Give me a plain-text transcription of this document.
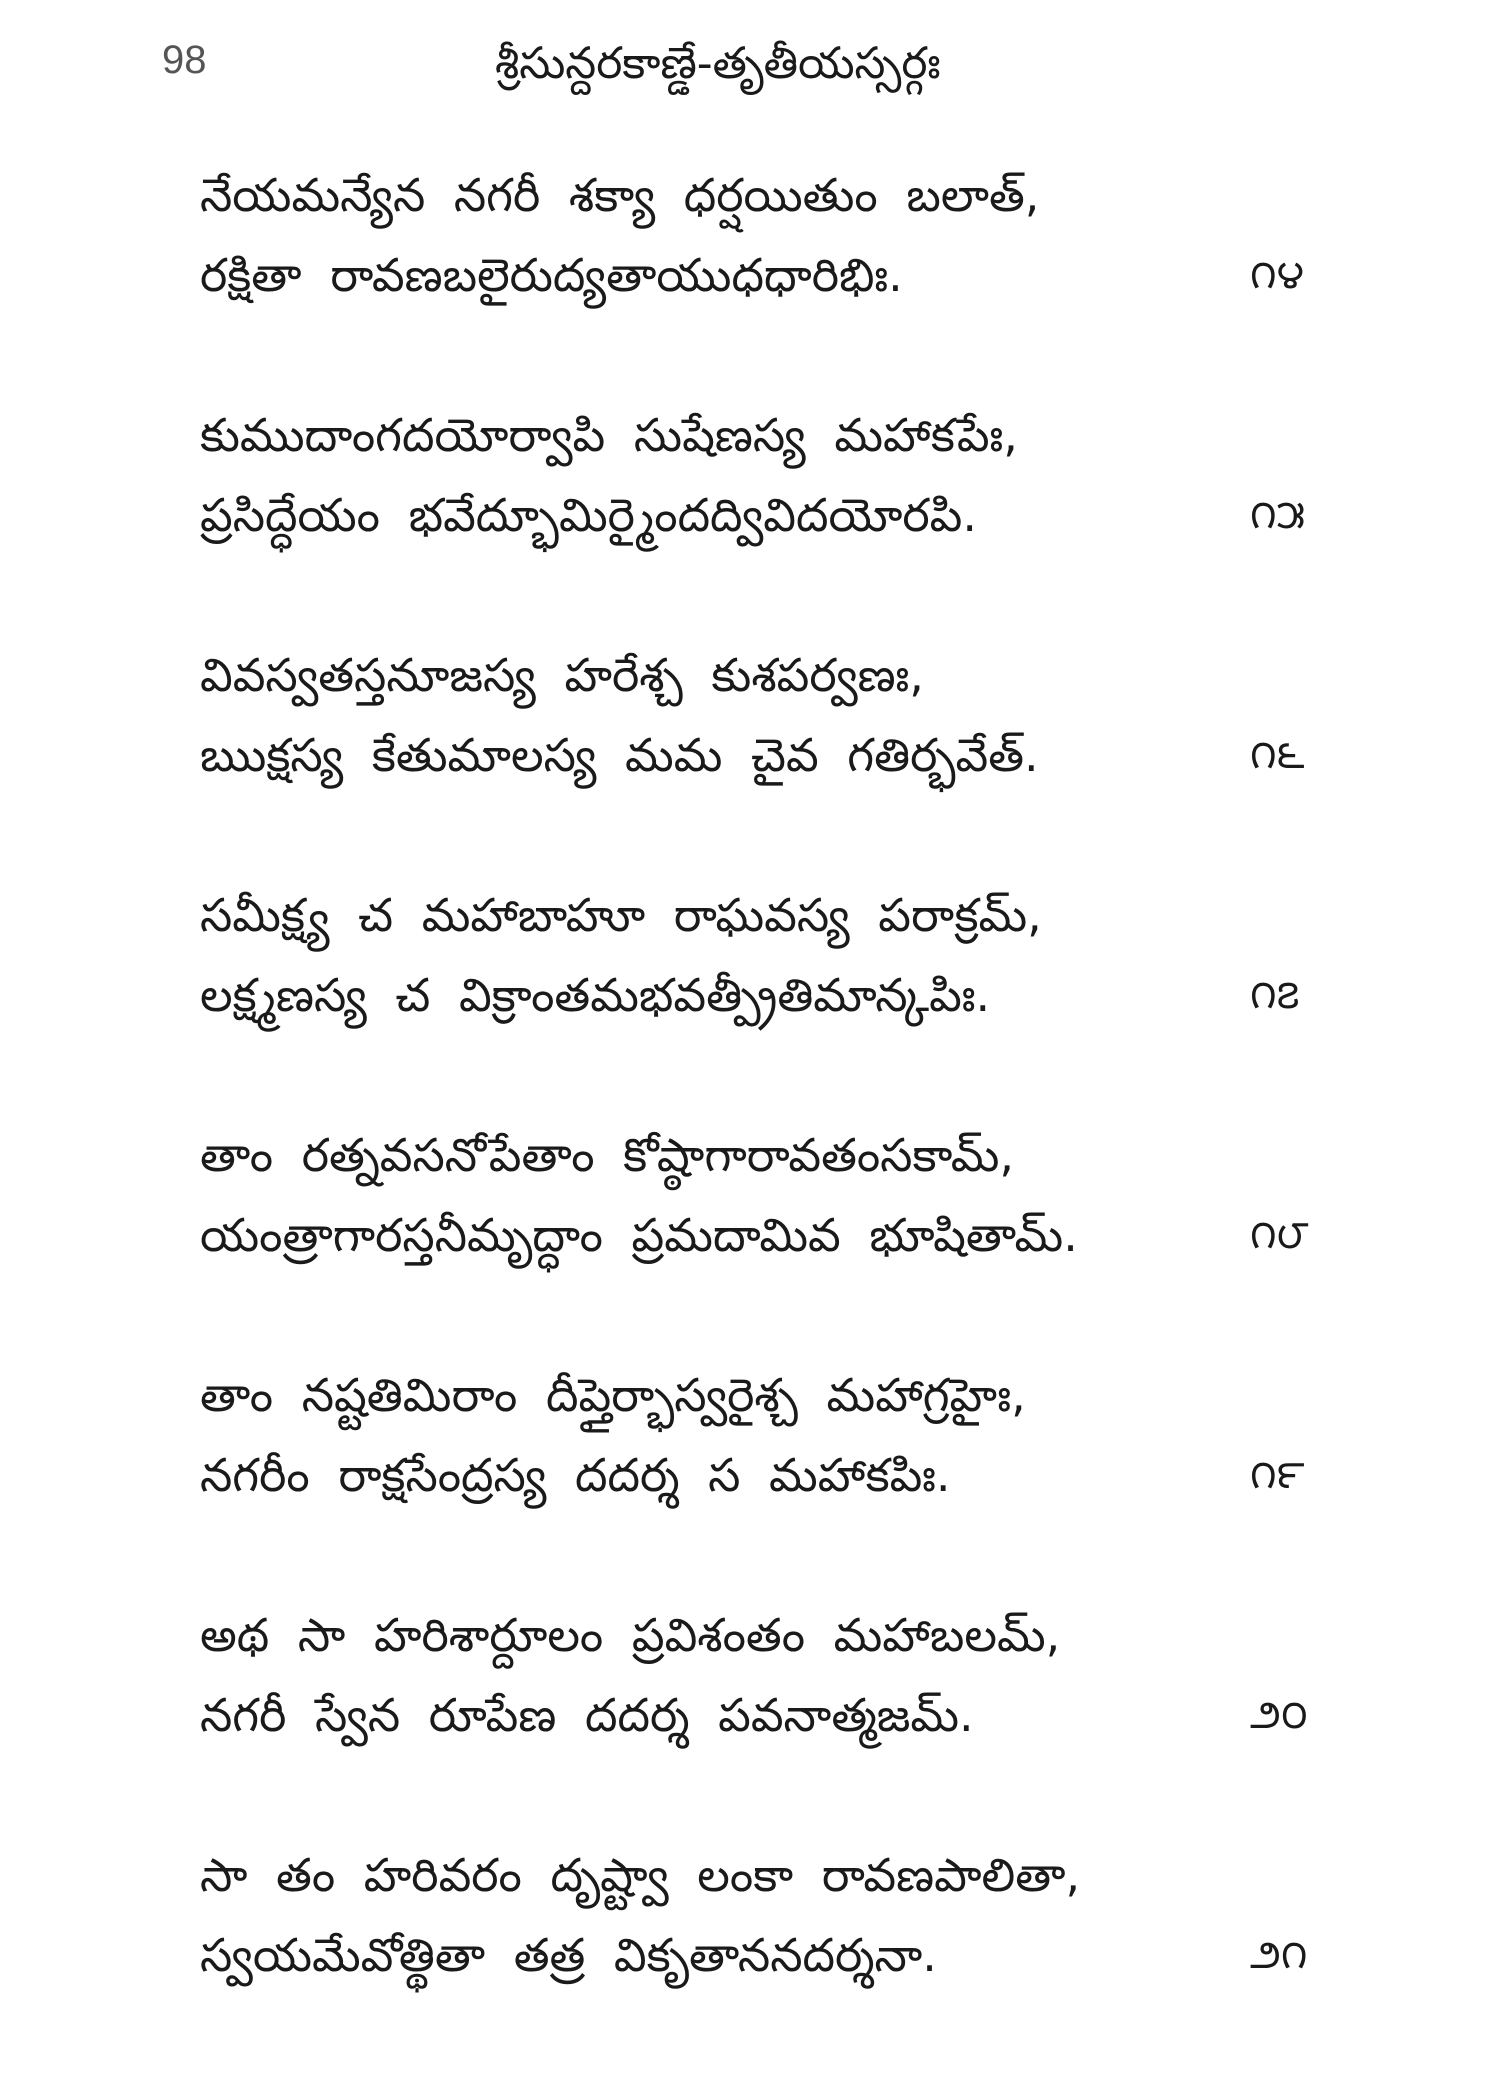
98	శ్రీసున్దరకాణ్డే-తృతీయస్సర్గః
నేయమన్యేన నగరీ శక్యా ధర్షయితుం బలాత్,
రక్షితా రావణబలైరుద్యతాయుధధారిభిః.	౧౪
కుముదాంగదయోర్వాపి సుషేణస్య మహాకపేః,
ప్రసిద్ధేయం భవేద్భూమిర్మైందద్వివిదయోరపి.	౧౫
వివస్వతస్తనూజస్య హరేశ్చ కుశపర్వణః,
ఋక్షస్య కేతుమాలస్య మమ చైవ గతిర్భవేత్.	౧౬
సమీక్ష్య చ మహాబాహూ రాఘవస్య పరాక్రమ్,
లక్ష్మణస్య చ విక్రాంతమభవత్ప్రీతిమాన్కపిః.	౧౭
తాం రత్నవసనోపేతాం కోష్ఠాగారావతంసకామ్,
యంత్రాగారస్తనీమృద్ధాం ప్రమదామివ భూషితామ్.	౧౮
తాం నష్టతిమిరాం దీప్తైర్భాస్వరైశ్చ మహాగ్రహైః,
నగరీం రాక్షసేంద్రస్య దదర్శ స మహాకపిః.	౧౯
అథ సా హరిశార్దూలం ప్రవిశంతం మహాబలమ్,
నగరీ స్వేన రూపేణ దదర్శ పవనాత్మజమ్.	౨౦
సా తం హరివరం దృష్ట్వా లంకా రావణపాలితా,
స్వయమేవోత్థితా తత్ర వికృతాననదర్శనా.	౨౧
